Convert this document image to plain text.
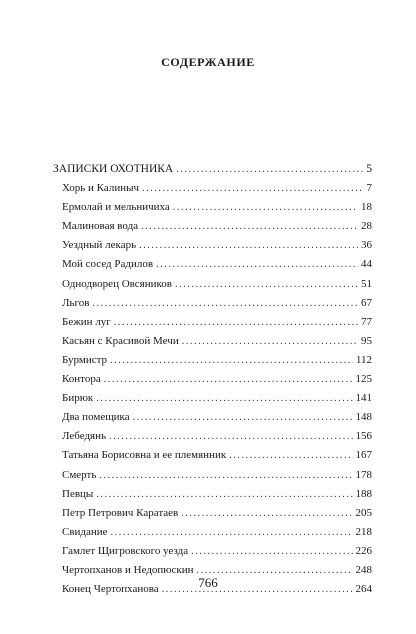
СОДЕРЖАНИЕ
ЗАПИСКИ ОХОТНИКА .....	5
Хорь и Калиныч .....	7
Ермолай и мельничиха .....	18
Малиновая вода .....	28
Уездный лекарь .....	36
Мой сосед Радилов .....	44
Однодворец Овсяников .....	51
Льгов .....	67
Бежин луг .....	77
Касьян с Красивой Мечи .....	95
Бурмистр .....	112
Контора .....	125
Бирюк .....	141
Два помещика .....	148
Лебедянь .....	156
Татьяна Борисовна и ее племянник .....	167
Смерть .....	178
Певцы .....	188
Петр Петрович Каратаев .....	205
Свидание .....	218
Гамлет Щигровского уезда .....	226
Чертопханов и Недопюскин .....	248
Конец Чертопханова .....	264
766
